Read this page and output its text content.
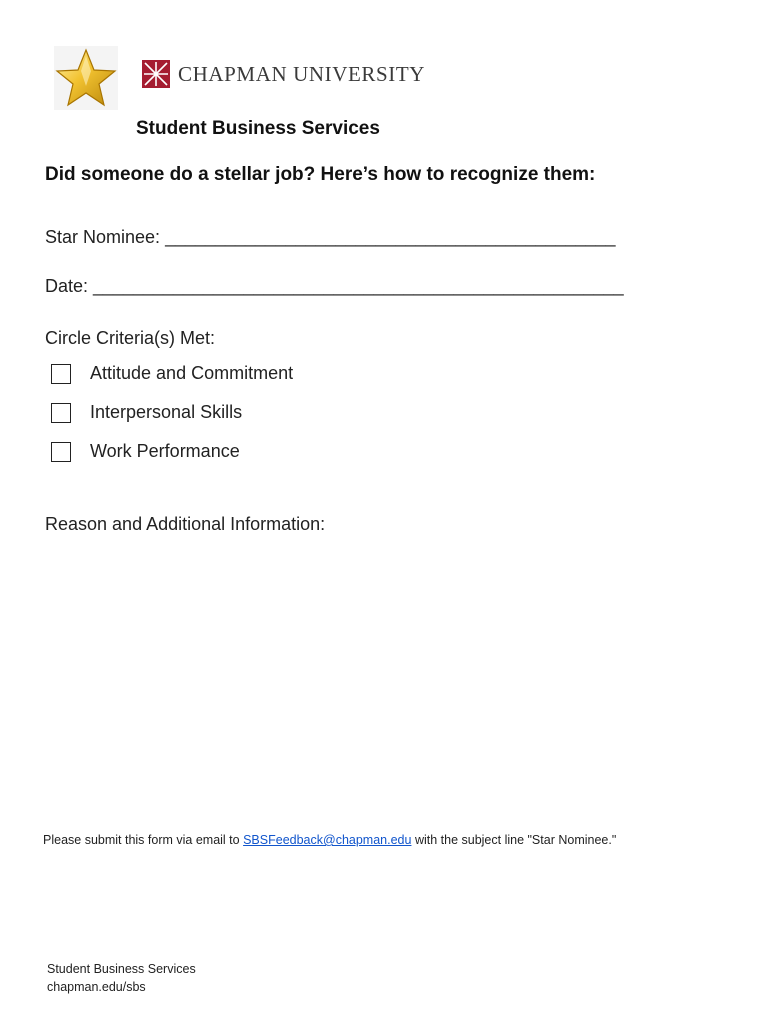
CHAPMAN UNIVERSITY
Student Business Services
Did someone do a stellar job? Here’s how to recognize them:
Star Nominee: _____________________________________________
Date: _____________________________________________________
Circle Criteria(s) Met:
Attitude and Commitment
Interpersonal Skills
Work Performance
Reason and Additional Information:
Please submit this form via email to SBSFeedback@chapman.edu with the subject line "Star Nominee."
Student Business Services
chapman.edu/sbs
